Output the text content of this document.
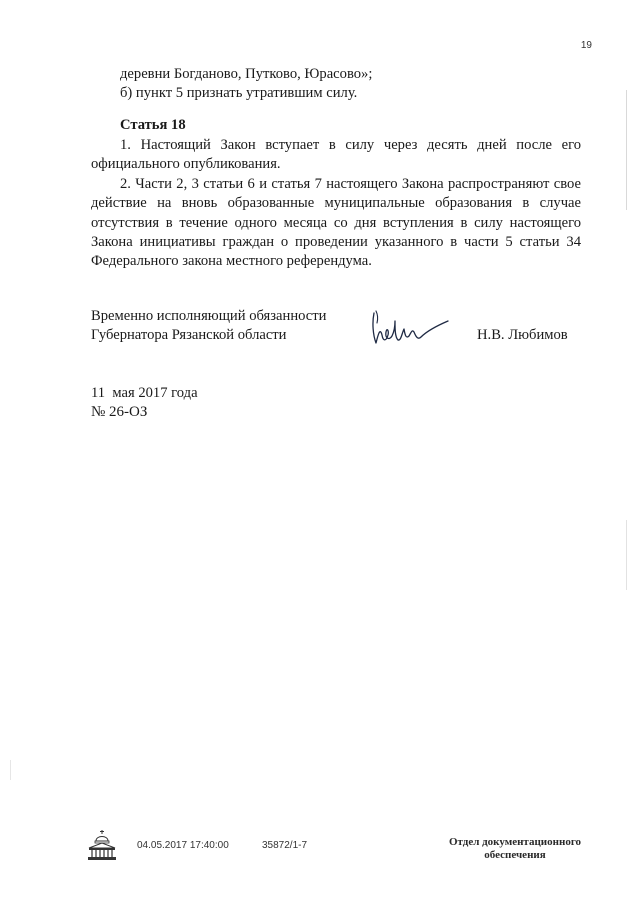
19
деревни Богданово, Путково, Юрасово»;
б) пункт 5 признать утратившим силу.
Статья 18
1. Настоящий Закон вступает в силу через десять дней после его официального опубликования.
2. Части 2, 3 статьи 6 и статья 7 настоящего Закона распространяют свое действие на вновь образованные муниципальные образования в случае отсутствия в течение одного месяца со дня вступления в силу настоящего Закона инициативы граждан о проведении указанного в части 5 статьи 34 Федерального закона местного референдума.
Временно исполняющий обязанности
Губернатора Рязанской области	Н.В. Любимов
11  мая 2017 года
№ 26-ОЗ
04.05.2017 17:40:00	35872/1-7	Отдел документационного
обеспечения
